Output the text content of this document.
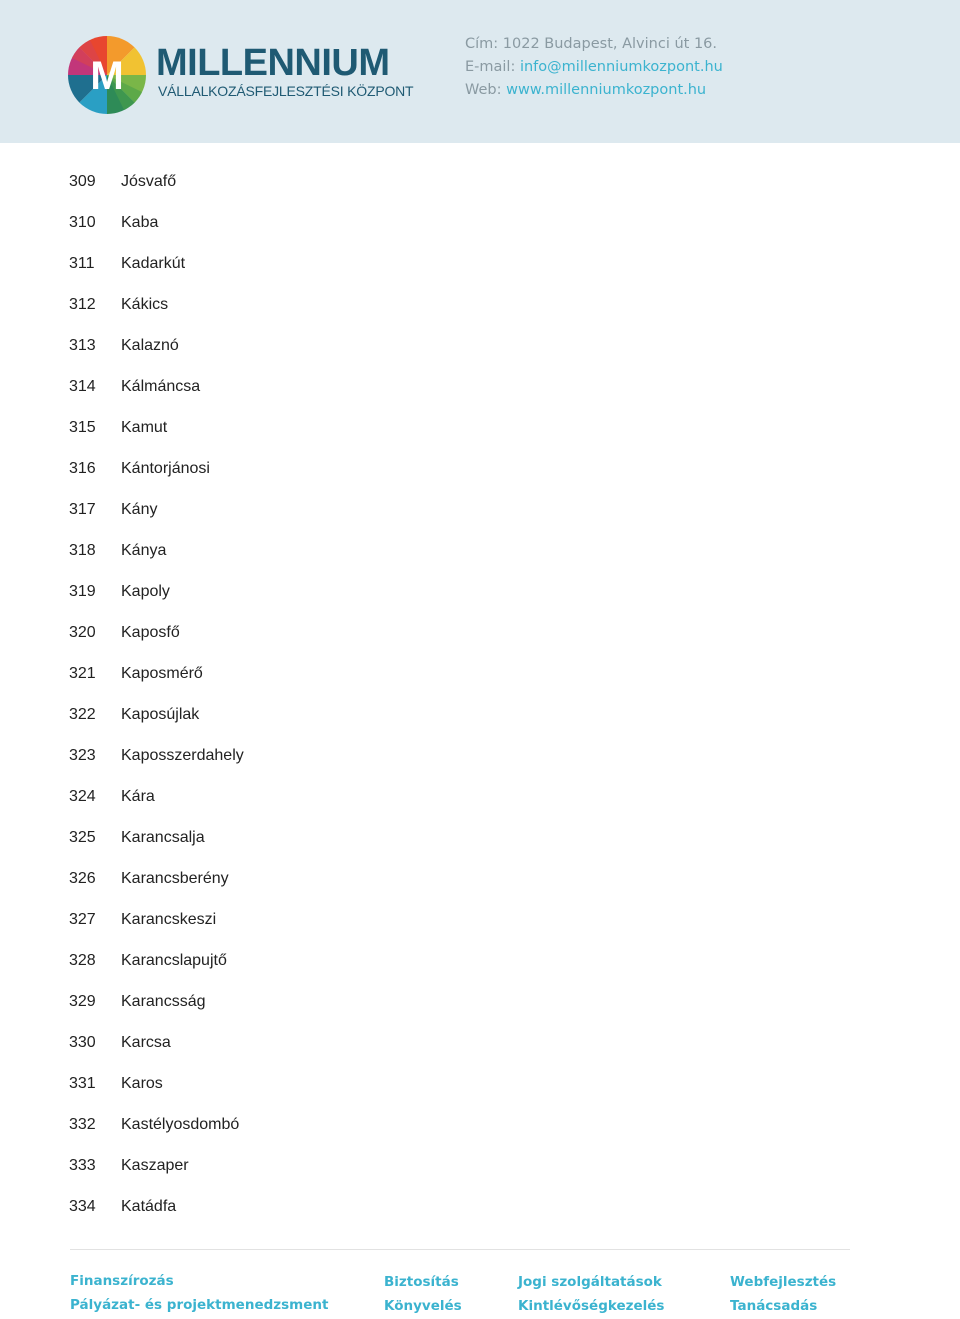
M MILLENNIUM
VÁLLALKOZÁSFEJLESZTÉSI KÖZPONT
Cím: 1022 Budapest, Alvinci út 16.
E-mail: info@millenniumkozpont.hu
Web: www.millenniumkozpont.hu
309 Jósvafő
310 Kaba
311 Kadarkút
312 Kákics
313 Kalaznó
314 Kálmáncsa
315 Kamut
316 Kántorjánosi
317 Kány
318 Kánya
319 Kapoly
320 Kaposfő
321 Kaposmérő
322 Kaposújlak
323 Kaposszerdahely
324 Kára
325 Karancsalja
326 Karancsberény
327 Karancskeszi
328 Karancslapujtő
329 Karancsság
330 Karcsa
331 Karos
332 Kastélyosdombó
333 Kaszaper
334 Katádfa
Finanszírozás
Pályázat- és projektmenedzsment
Biztosítás
Könyvelés
Jogi szolgáltatások
Kintlévőségkezelés
Webfejlesztés
Tanácsadás
